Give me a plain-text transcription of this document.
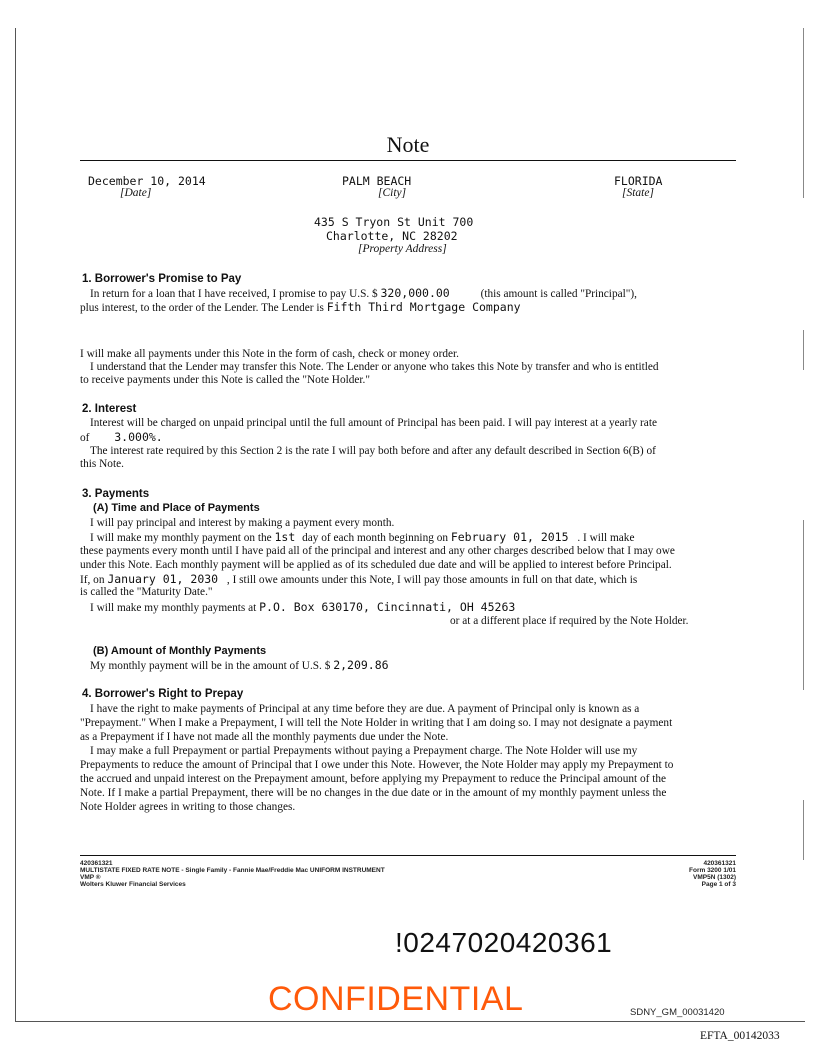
Note
December 10, 2014
[Date]
PALM BEACH
[City]
FLORIDA
[State]
435 S Tryon St Unit 700
Charlotte, NC 28202
[Property Address]
1. Borrower's Promise to Pay
In return for a loan that I have received, I promise to pay U.S. $ 320,000.00	(this amount is called "Principal"),
plus interest, to the order of the Lender. The Lender is Fifth Third Mortgage Company
I will make all payments under this Note in the form of cash, check or money order.
I understand that the Lender may transfer this Note. The Lender or anyone who takes this Note by transfer and who is entitled
to receive payments under this Note is called the "Note Holder."
2. Interest
Interest will be charged on unpaid principal until the full amount of Principal has been paid. I will pay interest at a yearly rate
of 3.000%.
The interest rate required by this Section 2 is the rate I will pay both before and after any default described in Section 6(B) of
this Note.
3. Payments
(A) Time and Place of Payments
I will pay principal and interest by making a payment every month.
I will make my monthly payment on the 1st day of each month beginning on February 01, 2015 . I will make
these payments every month until I have paid all of the principal and interest and any other charges described below that I may owe
under this Note. Each monthly payment will be applied as of its scheduled due date and will be applied to interest before Principal.
If, on January 01, 2030 , I still owe amounts under this Note, I will pay those amounts in full on that date, which is
is called the "Maturity Date."
I will make my monthly payments at P.O. Box 630170, Cincinnati, OH 45263
or at a different place if required by the Note Holder.
(B) Amount of Monthly Payments
My monthly payment will be in the amount of U.S. $ 2,209.86
4. Borrower's Right to Prepay
I have the right to make payments of Principal at any time before they are due. A payment of Principal only is known as a
"Prepayment." When I make a Prepayment, I will tell the Note Holder in writing that I am doing so. I may not designate a payment
as a Prepayment if I have not made all the monthly payments due under the Note.
I may make a full Prepayment or partial Prepayments without paying a Prepayment charge. The Note Holder will use my
Prepayments to reduce the amount of Principal that I owe under this Note. However, the Note Holder may apply my Prepayment to
the accrued and unpaid interest on the Prepayment amount, before applying my Prepayment to reduce the Principal amount of the
Note. If I make a partial Prepayment, there will be no changes in the due date or in the amount of my monthly payment unless the
Note Holder agrees in writing to those changes.
420361321
MULTISTATE FIXED RATE NOTE - Single Family - Fannie Mae/Freddie Mac UNIFORM INSTRUMENT
VMP ®
Wolters Kluwer Financial Services
420361321
Form 3200 1/01
VMP5N (1302)
Page 1 of 3
!0247020420361
CONFIDENTIAL	SDNY_GM_00031420
EFTA_00142033
